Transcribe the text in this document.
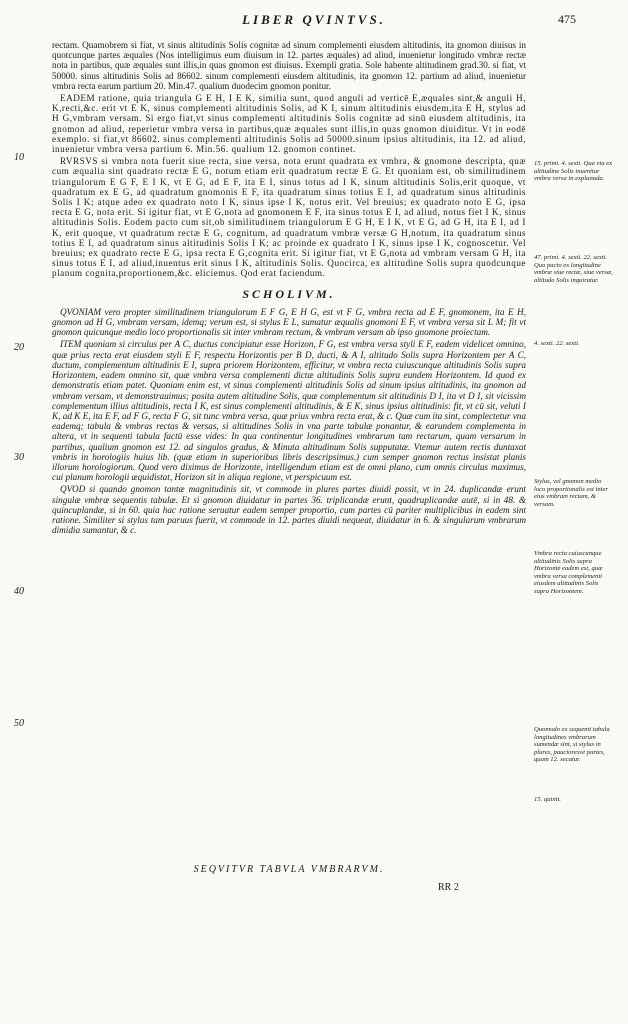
LIBER QVINTVS.	475
10
20
30
40
50

rectam. Quamobrem si fiat, vt sinus altitudinis Solis cognitæ ad sinum complementi eiusdem altitudinis, ita gnomon diuisus in quotcunque partes æquales (Nos intelligimus eum diuisum in 12. partes æquales) ad aliud, inuenietur longitudo vmbræ rectæ nota in partibus, quæ æquales sunt illis,in quas gnomon est diuisus. Exempli gratia. Sole habente altitudinem grad.30. si fiat, vt 50000. sinus altitudinis Solis ad 86602. sinum complementi eiusdem altitudinis, ita gnomon 12. partium ad aliud, inuenietur vmbra recta earum partium 20. Min.47. qualium duodecim gnomon ponitur.

EADEM ratione, quia triangula G E H, I E K, similia sunt, quod anguli ad verticē E,æquales sint,& anguli H, K,recti,&c. erit vt E K, sinus complementi altitudinis Solis, ad K I, sinum altitudinis eiusdem,ita E H, stylus ad H G,vmbram versam. Si ergo fiat,vt sinus complementi altitudinis Solis cognitæ ad sinū eiusdem altitudinis, ita gnomon ad aliud, reperietur vmbra versa in partibus,quæ æquales sunt illis,in quas gnomon diuiditur. Vt in eodē exemplo. si fiat,vt 86602. sinus complementi altitudinis Solis ad 50000.sinum ipsius altitudinis, ita 12. ad aliud, inuenietur vmbra versa partium 6. Min.56. qualium 12. gnomon continet.

RVRSVS si vmbra nota fuerit siue recta, siue versa, nota erunt quadrata ex vmbra, & gnomone descripta, quæ cum æqualia sint quadrato rectæ E G, notum etiam erit quadratum rectæ E G. Et quoniam est, ob similitudinem triangulorum E G F, E I K, vt E G, ad E F, ita E I, sinus totus ad I K, sinum altitudinis Solis,erit quoque, vt quadratum ex E G, ad quadratum gnomonis E F, ita quadratum sinus totius E I, ad quadratum sinus altitudinis Solis I K; atque adeo ex quadrato noto I K, sinus ipse I K, notus erit. Vel breuius; ex quadrato noto E G, ipsa recta E G, nota erit. Si igitur fiat, vt E G,nota ad gnomonem E F, ita sinus totus E I, ad aliud, notus fiet I K, sinus altitudinis Solis. Eodem pacto cum sit,ob similitudinem triangulorum E G H, E I K, vt E G, ad G H, ita E I, ad I K, erit quoque, vt quadratum rectæ E G, cognitum, ad quadratum vmbræ versæ G H,notum, ita quadratum sinus totius E I, ad quadratum sinus altitudinis Solis I K; ac proinde ex quadrato I K, sinus ipse I K, cognoscetur. Vel breuius; ex quadrato recte E G, ipsa recta E G,cognita erit. Si igitur fiat, vt E G,nota ad vmbram versam G H, ita sinus totus E I, ad aliud,inuentus erit sinus I K, altitudinis Solis. Quocirca, ex altitudine Solis supra quodcunque planum cognita,proportionem,&c. eliciemus. Qod erat faciendum.

SCHOLIVM.

QVONIAM vero propter similitudinem triangulorum E F G, E H G, est vt F G, vmbra recta ad E F, gnomonem, ita E H, gnomon ad H G, vmbram versam, idemq; verum est, si stylus E L, sumatur æqualis gnomoni E F, vt vmbra versa sit L M; fit vt gnomon quicunque medio loco proportionalis sit inter vmbram rectam, & vmbram versam ab ipso gnomone proiectam.

ITEM quoniam si circulus per A C, ductus concipiatur esse Horizon, F G, est vmbra versa styli E F, eadem videlicet omnino, quæ prius recta erat eiusdem styli E F, respectu Horizontis per B D, ducti, & A I, altitudo Solis supra Horizontem per A C, ductum, complementum altitudinis E I, supra priorem Horizontem, efficitur, vt vmbra recta cuiuscunque altitudinis Solis supra Horizontem, eadem omnino sit, quæ vmbra versa complementi dictæ altitudinis Solis supra eundem Horizontem. Id quod ex demonstratis etiam patet. Quoniam enim est, vt sinus complementi altitudinis Solis ad sinum ipsius altitudinis, ita gnomon ad vmbram versam, vt demonstrauimus; posita autem altitudine Solis, quæ complementum sit altitudinis D I, ita vt D I, sit vicissim complementum illius altitudinis, recta I K, est sinus complementi altitudinis, & E K, sinus ipsius altitudinis: fit, vt cū sit, veluti I K, ad K E, ita E F, ad F G, recta F G, sit tunc vmbra versa, quæ prius vmbra recta erat, & c. Quæ cum ita sint, complectetur vna eademq; tabula & vmbras rectas & versas, si altitudines Solis in vna parte tabulæ ponantur, & earundem complementa in altera, vt in sequenti tabula factū esse vides: In qua continentur longitudines vmbrarum tam rectarum, quam versarum in partibus, qualium gnomon est 12. ad singulos gradus, & Minuta altitudinum Solis supputatæ. Vtemur autem rectis duntaxat vmbris in horologiis huius lib. (quæ etiam in superioribus libris descripsimus.) cum semper gnomon rectus insistat planis illorum horologiorum. Quod vero diximus de Horizonte, intelligendum etiam est de omni plano, cum omnis circulus maximus, cui planum horologii æquidistat, Horizon sit in aliqua regione, vt perspicuum est.

QVOD si quando gnomon tantæ magnitudinis sit, vt commode in plures partes diuidi possit, vt in 24. duplicandæ erunt singulæ vmbræ sequentis tabulæ. Et si gnomon diuidatur in partes 36. triplicandæ erunt, quadruplicandæ autē, si in 48. & quincuplandæ, si in 60. quia hac ratione seruatur eadem semper proportio, cum partes cū pariter multiplicibus in eadem sint ratione. Similiter si stylus tam paruus fuerit, vt commode in 12. partes diuidi nequeat, diuidatur in 6. & singularum vmbrarum dimidia sumantur, & c.

15. primi. 4. sexti. Qua via ex altitudine Solis inuenitur vmbra versa in explanada.
47. primi. 4. sexti. 22. sexti. Quo pacto ex longitudine vmbræ siue rectæ, siue versæ, altitudo Solis inquiratur.
4. sexti. 22. sexti.
Stylus, vel gnomon medio loco proportionalis est inter eius vmbram rectam, & versam.
Vmbra recta cuiuscunque altitudinis Solis supra Horizontē eadem est, quæ vmbra versa complementi eiusdem altitudinis Solis supra Horizontem.
Quomodo ex sequenti tabula longitudines vmbrarum sumendæ sint, si stylus in plures, paucioresve partes, quam 12. secatur.
15. quinti.
SEQVITVR TABVLA VMBRARVM.
RR 2
